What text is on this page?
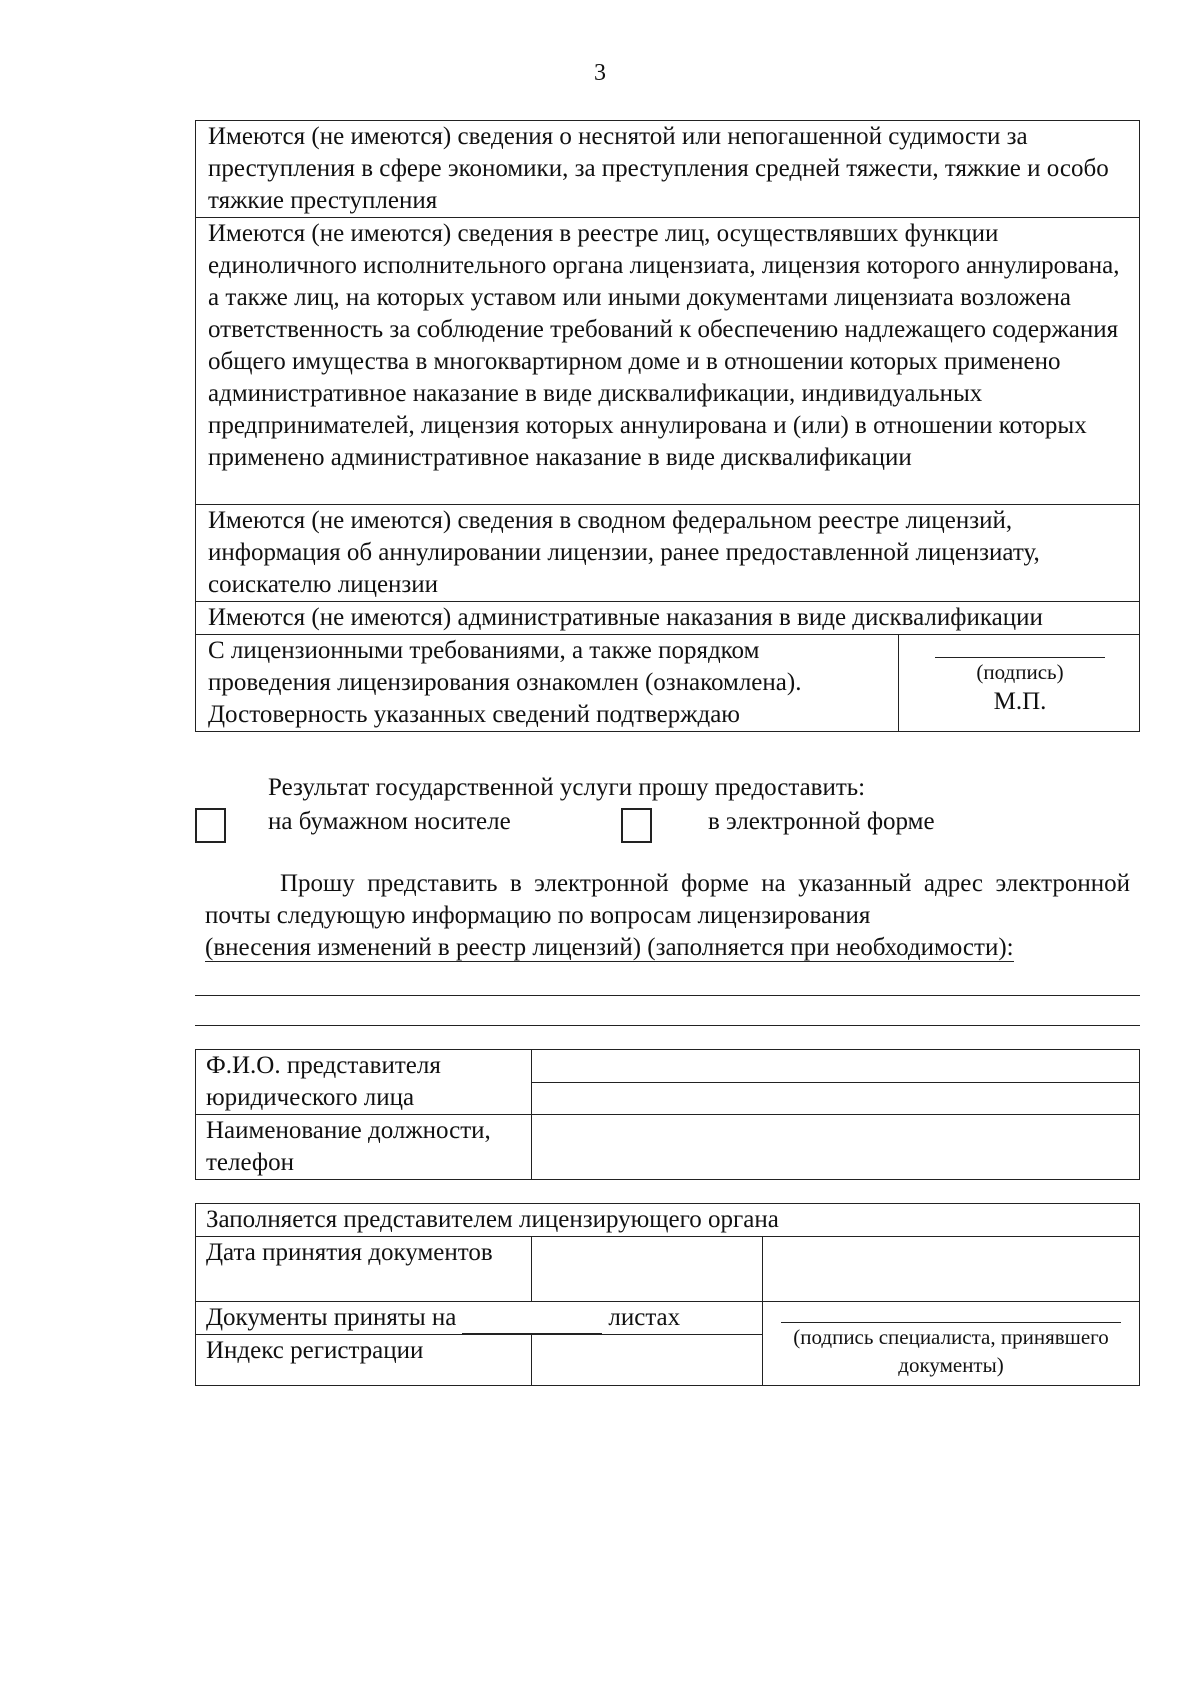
3
Имеются (не имеются) сведения о неснятой или непогашенной судимости за преступления в сфере экономики, за преступления средней тяжести, тяжкие и особо тяжкие преступления
Имеются (не имеются) сведения в реестре лиц, осуществлявших функции единоличного исполнительного органа лицензиата, лицензия которого аннулирована, а также лиц, на которых уставом или иными документами лицензиата возложена ответственность за соблюдение требований к обеспечению надлежащего содержания общего имущества в многоквартирном доме и в отношении которых применено административное наказание в виде дисквалификации, индивидуальных предпринимателей, лицензия которых аннулирована и (или) в отношении которых применено административное наказание в виде дисквалификации
Имеются (не имеются) сведения в сводном федеральном реестре лицензий, информация об аннулировании лицензии, ранее предоставленной лицензиату, соискателю лицензии
Имеются (не имеются) административные наказания в виде дисквалификации
С лицензионными требованиями, а также порядком проведения лицензирования ознакомлен (ознакомлена). Достоверность указанных сведений подтверждаю	
(подпись)
М.П.
Результат государственной услуги прошу предоставить:
на бумажном носителе	в электронной форме
Прошу представить в электронной форме на указанный адрес электронной почты следующую информацию по вопросам лицензирования
(внесения изменений в реестр лицензий) (заполняется при необходимости):
Ф.И.О. представителя юридического лица	

Наименование должности, телефон	
Заполняется представителем лицензирующего органа		
Дата принятия документов		
Документы приняты на листах		(подпись специалиста, принявшего документы)

Индекс регистрации		
